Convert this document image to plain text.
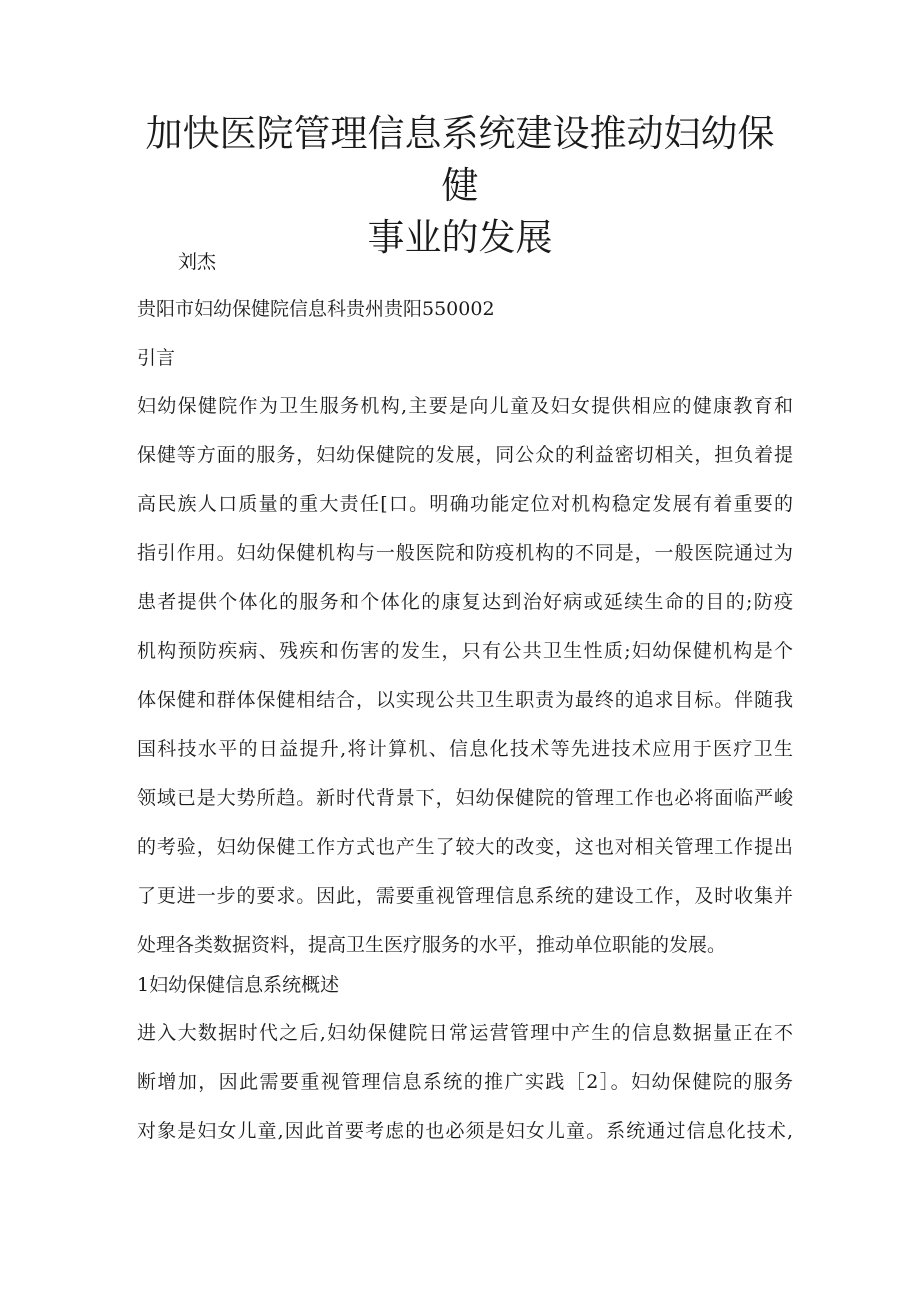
加快医院管理信息系统建设推动妇幼保健
事业的发展

刘杰

贵阳市妇幼保健院信息科贵州贵阳550002

引言

妇幼保健院作为卫生服务机构,主要是向儿童及妇女提供相应的健康教育和
保健等方面的服务，妇幼保健院的发展，同公众的利益密切相关，担负着提
高民族人口质量的重大责任[口。明确功能定位对机构稳定发展有着重要的
指引作用。妇幼保健机构与一般医院和防疫机构的不同是，一般医院通过为
患者提供个体化的服务和个体化的康复达到治好病或延续生命的目的;防疫
机构预防疾病、残疾和伤害的发生，只有公共卫生性质;妇幼保健机构是个
体保健和群体保健相结合，以实现公共卫生职责为最终的追求目标。伴随我
国科技水平的日益提升,将计算机、信息化技术等先进技术应用于医疗卫生
领域已是大势所趋。新时代背景下，妇幼保健院的管理工作也必将面临严峻
的考验，妇幼保健工作方式也产生了较大的改变，这也对相关管理工作提出
了更进一步的要求。因此，需要重视管理信息系统的建设工作，及时收集并
处理各类数据资料，提高卫生医疗服务的水平，推动单位职能的发展。

1妇幼保健信息系统概述

进入大数据时代之后,妇幼保健院日常运营管理中产生的信息数据量正在不
断增加，因此需要重视管理信息系统的推广实践［2］。妇幼保健院的服务
对象是妇女儿童,因此首要考虑的也必须是妇女儿童。系统通过信息化技术,
